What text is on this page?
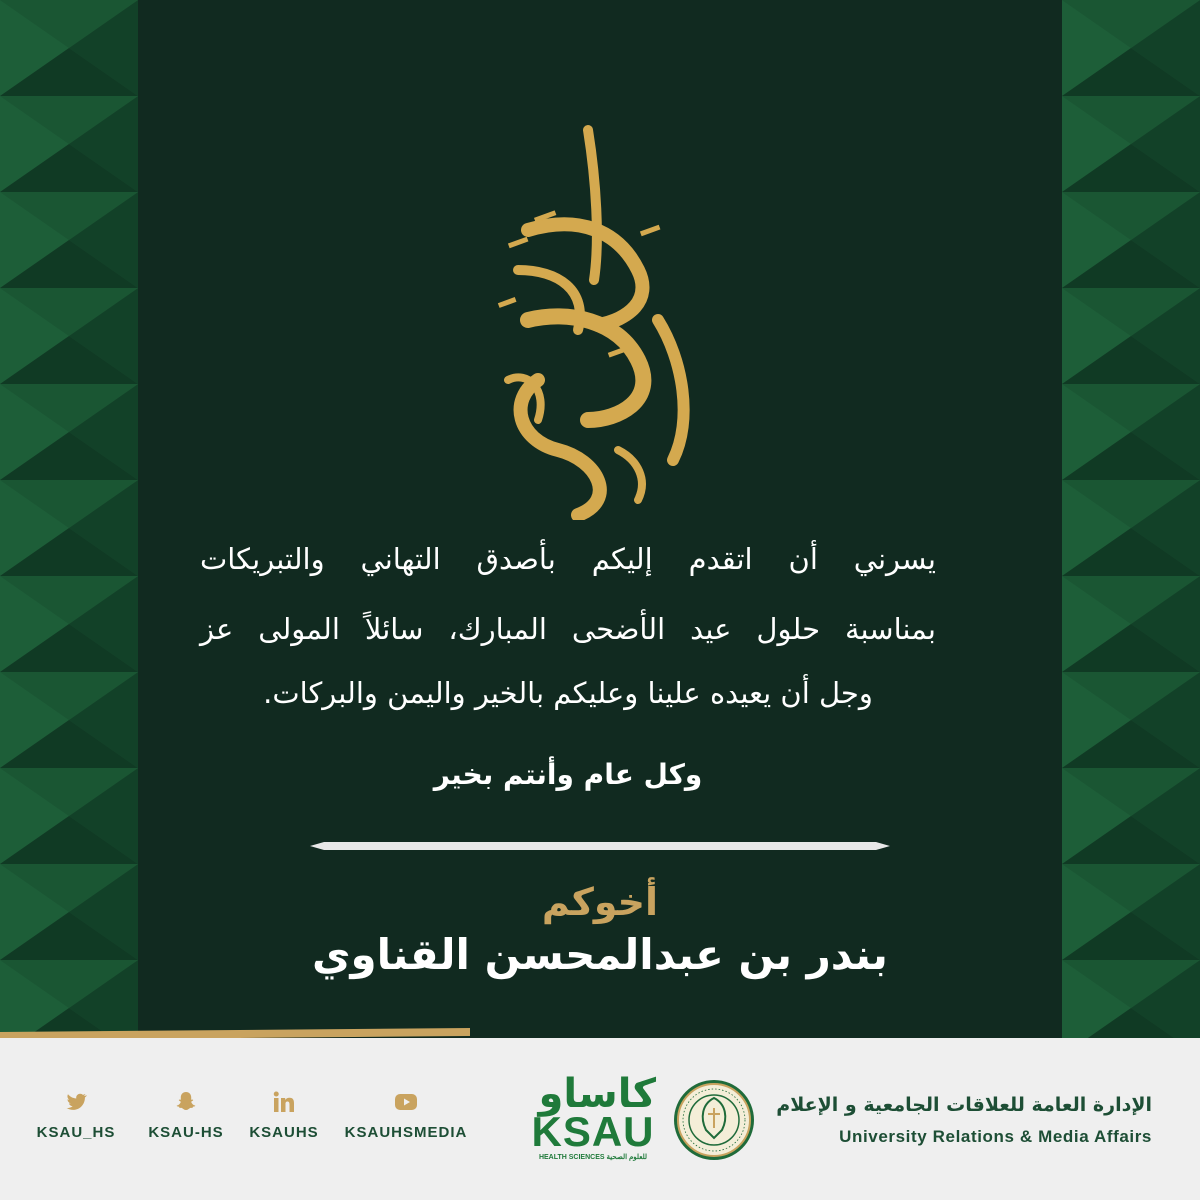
يسرني أن اتقدم إليكم بأصدق التهاني والتبريكات
بمناسبة حلول عيد الأضحى المبارك، سائلاً المولى عز
وجل أن يعيده علينا وعليكم بالخير واليمن والبركات.
وكل عام وأنتم بخير
أخوكم
بندر بن عبدالمحسن القناوي
KSAU_HS KSAU-HS	KSAUHS	KSAUHSMEDIA
كاساو
KSAU
HEALTH SCIENCES للعلوم الصحية
الإدارة العامة للعلاقات الجامعية و الإعلام
University Relations & Media Affairs
